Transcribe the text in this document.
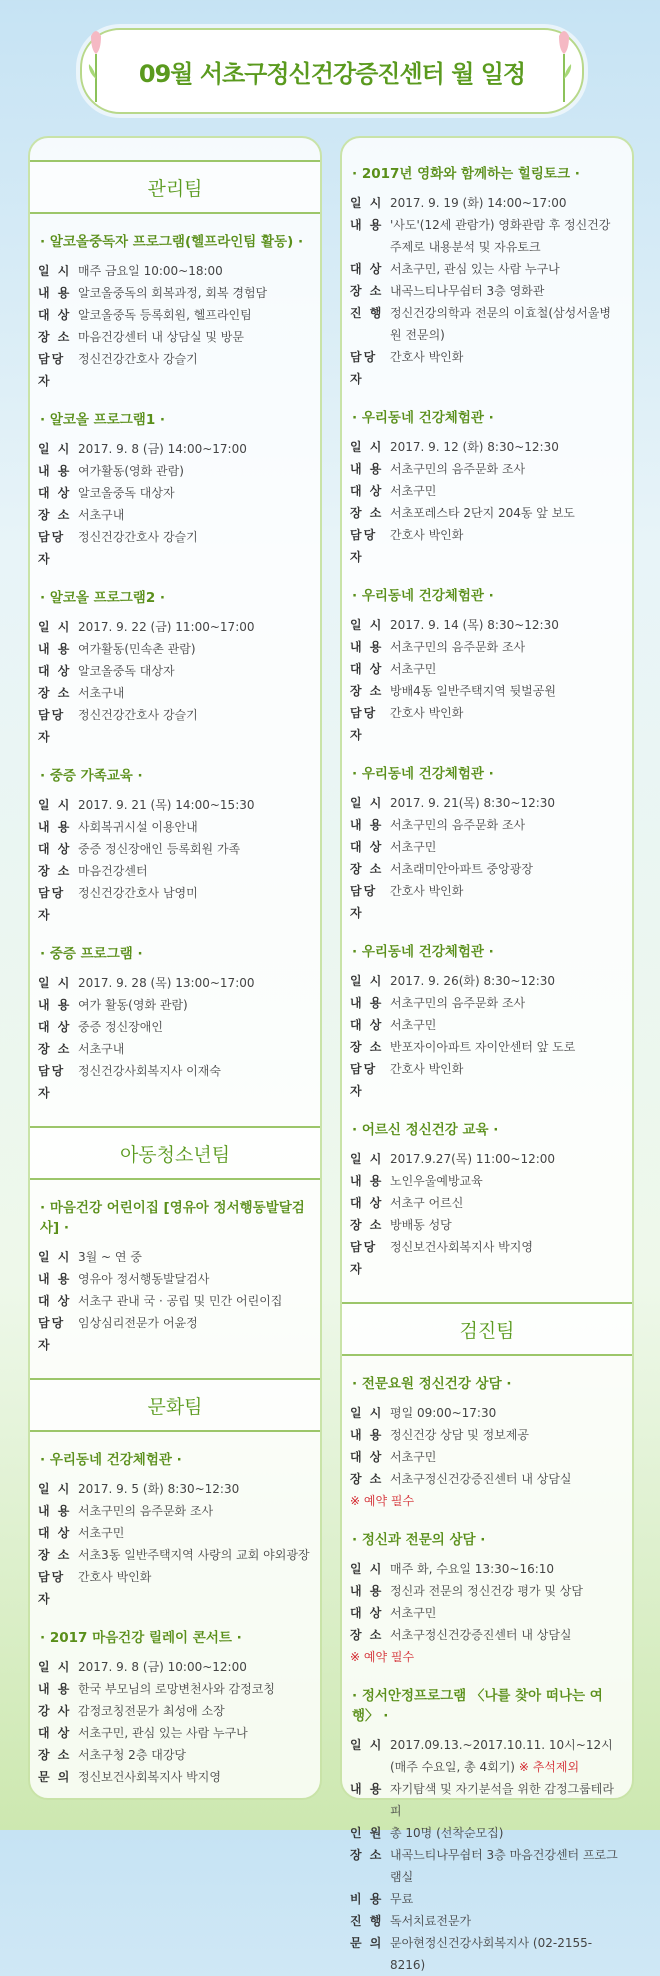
09월 서초구정신건강증진센터 월 일정
관리팀
· 알코올중독자 프로그램(헬프라인팀 활동) ·
일 시 매주 금요일 10:00~18:00
내 용 알코올중독의 회복과정, 회복 경험담
대 상 알코올중독 등록회원, 헬프라인팀
장 소 마음건강센터 내 상담실 및 방문
담당자
정신건강간호사 강슬기
· 알코올 프로그램1 ·
일 시 2017. 9. 8 (금) 14:00~17:00
내 용 여가활동(영화 관람)
대 상 알코올중독 대상자
장 소 서초구내
담당자
정신건강간호사 강슬기
· 알코올 프로그램2 ·
일 시 2017. 9. 22 (금) 11:00~17:00
내 용 여가활동(민속촌 관람)
대 상 알코올중독 대상자
장 소 서초구내
담당자
정신건강간호사 강슬기
· 중증 가족교육 ·
일 시 2017. 9. 21 (목) 14:00~15:30
내 용 사회복귀시설 이용안내
대 상 중증 정신장애인 등록회원 가족
장 소 마음건강센터
담당자
정신건강간호사 남영미
· 중증 프로그램 ·
일 시 2017. 9. 28 (목) 13:00~17:00
내 용 여가 활동(영화 관람)
대 상 중증 정신장애인
장 소 서초구내
담당자
정신건강사회복지사 이재숙
아동청소년팀
· 마음건강 어린이집 [영유아 정서행동발달검사] ·
일 시 3월 ~ 연 중
내 용 영유아 정서행동발달검사
대 상 서초구 관내 국 · 공립 및 민간 어린이집
담당자
임상심리전문가 어윤정
문화팀
· 우리동네 건강체험관 ·
일 시 2017. 9. 5 (화) 8:30~12:30
내 용 서초구민의 음주문화 조사
대 상 서초구민
장 소 서초3동 일반주택지역 사랑의 교회 야외광장
담당자
간호사 박인화
· 2017 마음건강 릴레이 콘서트 ·
일 시 2017. 9. 8 (금) 10:00~12:00
내 용 한국 부모님의 로망변천사와 감정코칭
강 사 감정코칭전문가 최성애 소장
대 상 서초구민, 관심 있는 사람 누구나
장 소 서초구청 2층 대강당
문 의 정신보건사회복지사 박지영
· 2017년 영화와 함께하는 힐링토크 ·
일 시 2017. 9. 19 (화) 14:00~17:00
내 용 '사도'(12세 관람가) 영화관람 후 정신건강 주제로 내용분석 및 자유토크
대 상 서초구민, 관심 있는 사람 누구나
장 소 내곡느티나무쉼터 3층 영화관
진 행 정신건강의학과 전문의 이효철(삼성서울병원 전문의)
담당자
간호사 박인화
· 우리동네 건강체험관 ·
일 시 2017. 9. 12 (화) 8:30~12:30
내 용 서초구민의 음주문화 조사
대 상 서초구민
장 소 서초포레스타 2단지 204동 앞 보도
담당자
간호사 박인화
· 우리동네 건강체험관 ·
일 시 2017. 9. 14 (목) 8:30~12:30
내 용 서초구민의 음주문화 조사
대 상 서초구민
장 소 방배4동 일반주택지역 뒷벌공원
담당자
간호사 박인화
· 우리동네 건강체험관 ·
일 시 2017. 9. 21(목) 8:30~12:30
내 용 서초구민의 음주문화 조사
대 상 서초구민
장 소 서초래미안아파트 중앙광장
담당자
간호사 박인화
· 우리동네 건강체험관 ·
일 시 2017. 9. 26(화) 8:30~12:30
내 용 서초구민의 음주문화 조사
대 상 서초구민
장 소 반포자이아파트 자이안센터 앞 도로
담당자
간호사 박인화
· 어르신 정신건강 교육 ·
일 시 2017.9.27(목) 11:00~12:00
내 용 노인우울예방교육
대 상 서초구 어르신
장 소 방배동 성당
담당자
정신보건사회복지사 박지영
검진팀
· 전문요원 정신건강 상담 ·
일 시 평일 09:00~17:30
내 용 정신건강 상담 및 정보제공
대 상 서초구민
장 소 서초구정신건강증진센터 내 상담실
※ 예약 필수
· 정신과 전문의 상담 ·
일 시 매주 화, 수요일 13:30~16:10
내 용 정신과 전문의 정신건강 평가 및 상담
대 상 서초구민
장 소 서초구정신건강증진센터 내 상담실
※ 예약 필수
· 정서안정프로그램 〈나를 찾아 떠나는 여행〉 ·
일 시 2017.09.13.~2017.10.11. 10시~12시 (매주 수요일, 총 4회기) ※ 추석제외
내 용 자기탐색 및 자기분석을 위한 감정그룹테라피
인 원 총 10명 (선착순모집)
장 소 내곡느티나무쉼터 3층 마음건강센터 프로그램실
비 용 무료
진 행 독서치료전문가
문 의 문아현정신건강사회복지사 (02-2155-8216)
